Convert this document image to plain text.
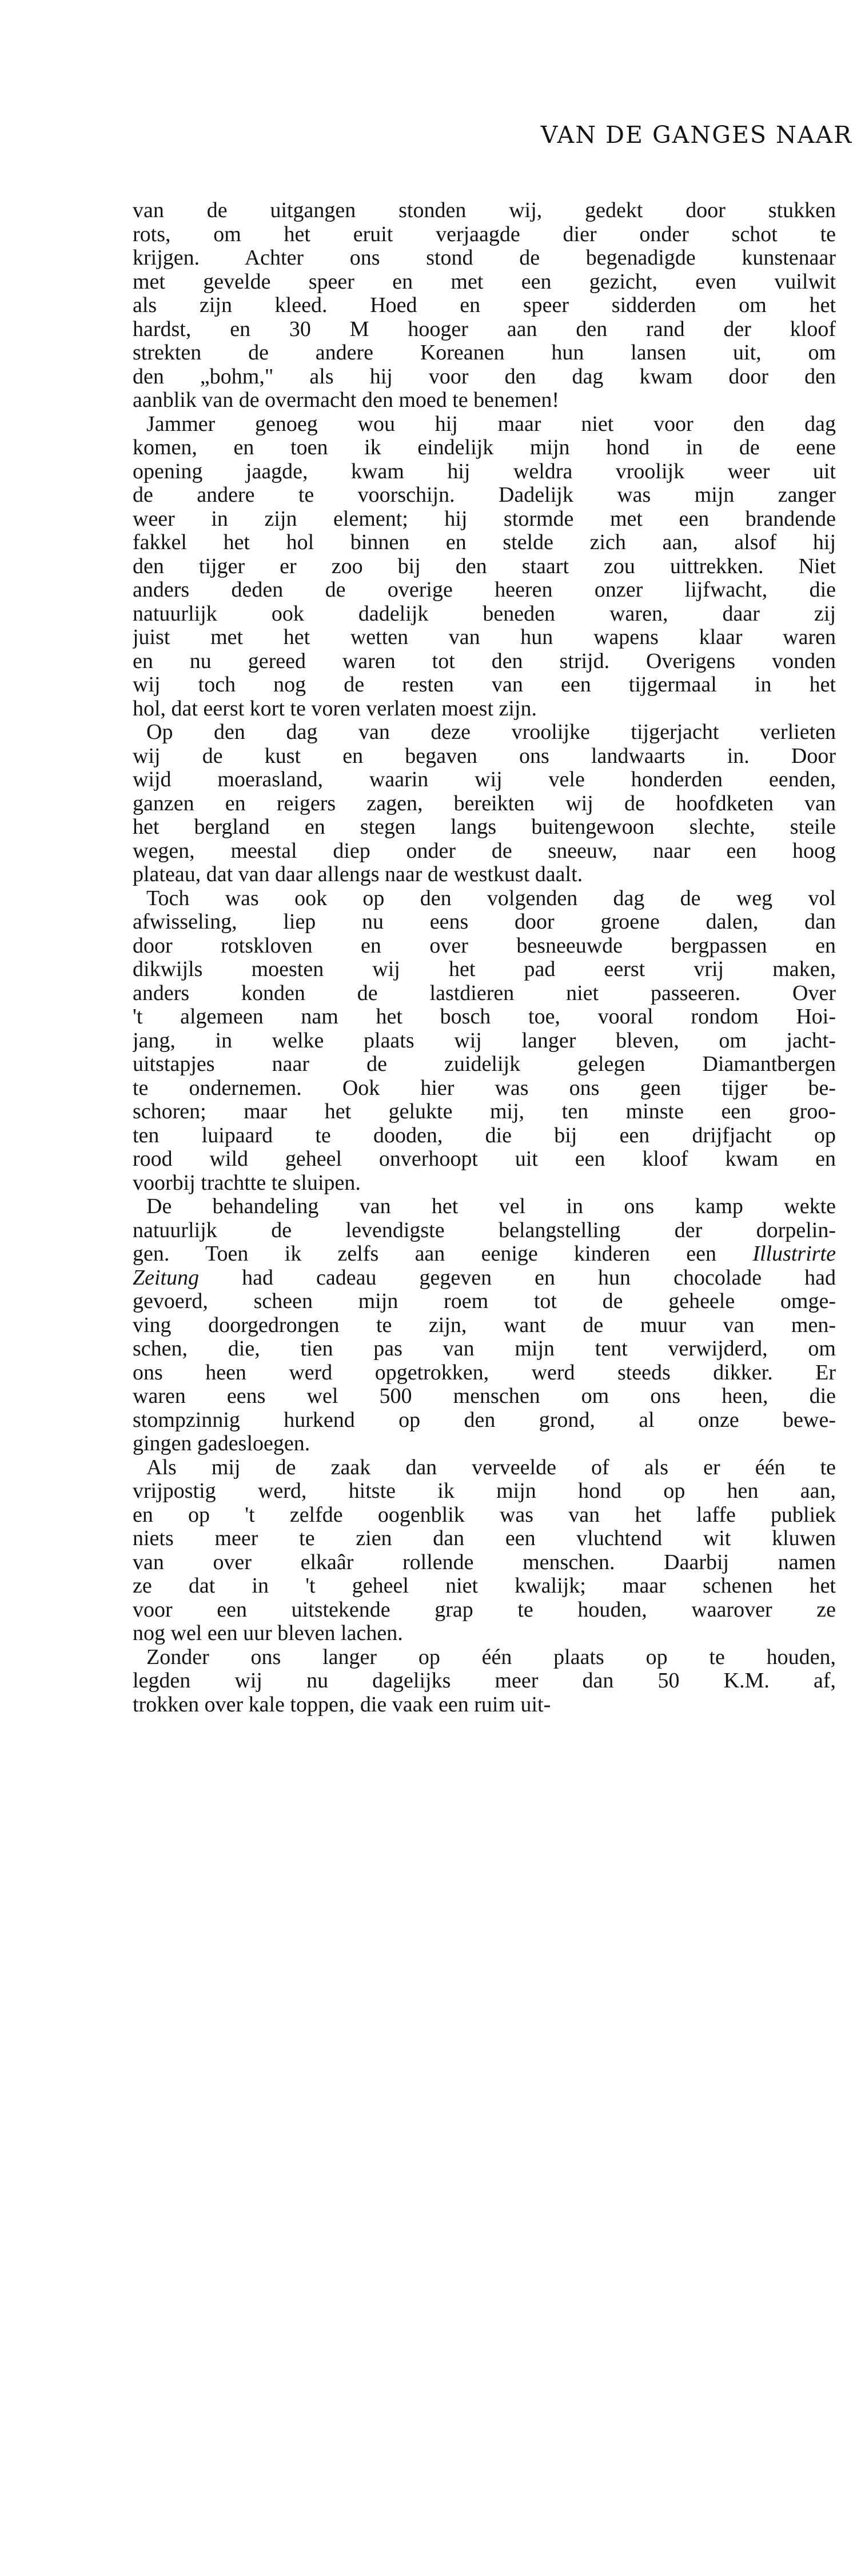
VAN DE GANGES NAAR
van de uitgangen stonden wij, gedekt door stukken
rots, om het eruit verjaagde dier onder schot te
krijgen. Achter ons stond de begenadigde kunstenaar
met gevelde speer en met een gezicht, even vuilwit
als zijn kleed. Hoed en speer sidderden om het
hardst, en 30 M hooger aan den rand der kloof
strekten de andere Koreanen hun lansen uit, om
den „bohm," als hij voor den dag kwam door den
aanblik van de overmacht den moed te benemen!
Jammer genoeg wou hij maar niet voor den dag
komen, en toen ik eindelijk mijn hond in de eene
opening jaagde, kwam hij weldra vroolijk weer uit
de andere te voorschijn. Dadelijk was mijn zanger
weer in zijn element; hij stormde met een brandende
fakkel het hol binnen en stelde zich aan, alsof hij
den tijger er zoo bij den staart zou uittrekken. Niet
anders deden de overige heeren onzer lijfwacht, die
natuurlijk ook dadelijk beneden waren, daar zij
juist met het wetten van hun wapens klaar waren
en nu gereed waren tot den strijd. Overigens vonden
wij toch nog de resten van een tijgermaal in het
hol, dat eerst kort te voren verlaten moest zijn.
Op den dag van deze vroolijke tijgerjacht verlieten
wij de kust en begaven ons landwaarts in. Door
wijd moerasland, waarin wij vele honderden eenden,
ganzen en reigers zagen, bereikten wij de hoofdketen van
het bergland en stegen langs buitengewoon slechte, steile
wegen, meestal diep onder de sneeuw, naar een hoog
plateau, dat van daar allengs naar de westkust daalt.
Toch was ook op den volgenden dag de weg vol
afwisseling, liep nu eens door groene dalen, dan
door rotskloven en over besneeuwde bergpassen en
dikwijls moesten wij het pad eerst vrij maken,
anders konden de lastdieren niet passeeren. Over
't algemeen nam het bosch toe, vooral rondom Hoi-
jang, in welke plaats wij langer bleven, om jacht-
uitstapjes naar de zuidelijk gelegen Diamantbergen
te ondernemen. Ook hier was ons geen tijger be-
schoren; maar het gelukte mij, ten minste een groo-
ten luipaard te dooden, die bij een drijfjacht op
rood wild geheel onverhoopt uit een kloof kwam en
voorbij trachtte te sluipen.
De behandeling van het vel in ons kamp wekte
natuurlijk de levendigste belangstelling der dorpelin-
gen. Toen ik zelfs aan eenige kinderen een Illustrirte
Zeitung had cadeau gegeven en hun chocolade had
gevoerd, scheen mijn roem tot de geheele omge-
ving doorgedrongen te zijn, want de muur van men-
schen, die, tien pas van mijn tent verwijderd, om
ons heen werd opgetrokken, werd steeds dikker. Er
waren eens wel 500 menschen om ons heen, die
stompzinnig hurkend op den grond, al onze bewe-
gingen gadesloegen.
Als mij de zaak dan verveelde of als er één te
vrijpostig werd, hitste ik mijn hond op hen aan,
en op 't zelfde oogenblik was van het laffe publiek
niets meer te zien dan een vluchtend wit kluwen
van over elkaâr rollende menschen. Daarbij namen
ze dat in 't geheel niet kwalijk; maar schenen het
voor een uitstekende grap te houden, waarover ze
nog wel een uur bleven lachen.
Zonder ons langer op één plaats op te houden,
legden wij nu dagelijks meer dan 50 K.M. af,
trokken over kale toppen, die vaak een ruim uit-
